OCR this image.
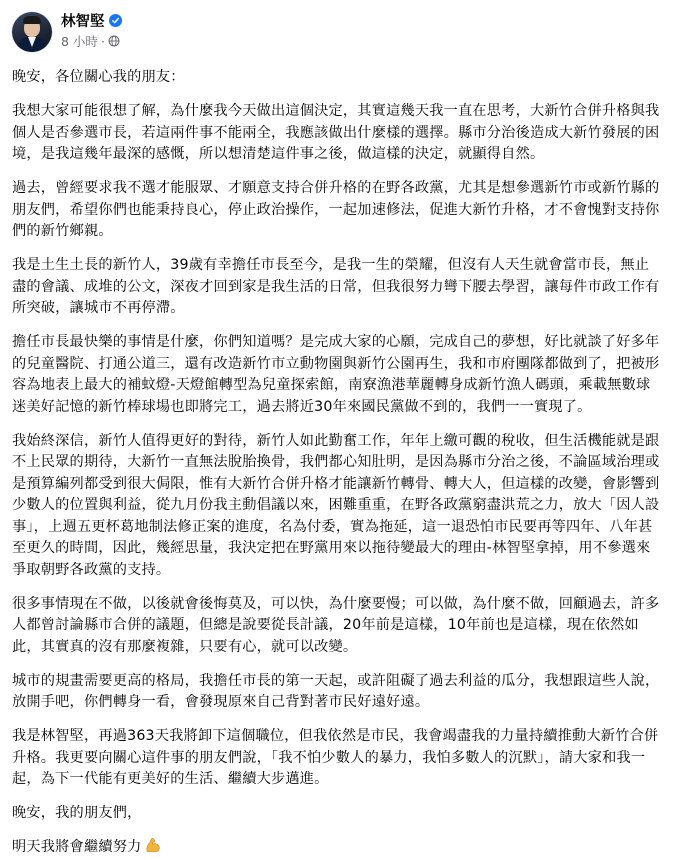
林智堅
8 小時 ·

晚安，各位關心我的朋友：

我想大家可能很想了解，為什麼我今天做出這個決定，其實這幾天我一直在思考，大新竹合併升格與我個人是否參選市長，若這兩件事不能兩全，我應該做出什麼樣的選擇。縣市分治後造成大新竹發展的困境，是我這幾年最深的感慨，所以想清楚這件事之後，做這樣的決定，就顯得自然。

過去，曾經要求我不選才能服眾、才願意支持合併升格的在野各政黨，尤其是想參選新竹市或新竹縣的朋友們，希望你們也能秉持良心，停止政治操作，一起加速修法，促進大新竹升格，才不會愧對支持你們的新竹鄉親。

我是土生土長的新竹人，39歲有幸擔任市長至今，是我一生的榮耀，但沒有人天生就會當市長，無止盡的會議、成堆的公文，深夜才回到家是我生活的日常，但我很努力彎下腰去學習，讓每件市政工作有所突破，讓城市不再停滯。

擔任市長最快樂的事情是什麼，你們知道嗎？是完成大家的心願，完成自己的夢想，好比就談了好多年的兒童醫院、打通公道三，還有改造新竹市立動物園與新竹公園再生，我和市府團隊都做到了，把被形容為地表上最大的補蚊燈-天燈館轉型為兒童探索館，南寮漁港華麗轉身成新竹漁人碼頭，乘載無數球迷美好記憶的新竹棒球場也即將完工，過去將近30年來國民黨做不到的，我們一一實現了。

我始終深信，新竹人值得更好的對待，新竹人如此勤奮工作，年年上繳可觀的稅收，但生活機能就是跟不上民眾的期待，大新竹一直無法脫胎換骨，我們都心知肚明，是因為縣市分治之後，不論區域治理或是預算編列都受到很大侷限，惟有大新竹合併升格才能讓新竹轉骨、轉大人，但這樣的改變，會影響到少數人的位置與利益，從九月份我主動倡議以來，困難重重，在野各政黨窮盡洪荒之力，放大「因人設事」，上週五更杯葛地制法修正案的進度，名為付委，實為拖延，這一退恐怕市民要再等四年、八年甚至更久的時間，因此，幾經思量，我決定把在野黨用來以拖待變最大的理由-林智堅拿掉，用不參選來爭取朝野各政黨的支持。

很多事情現在不做，以後就會後悔莫及，可以快，為什麼要慢；可以做，為什麼不做，回顧過去，許多人都曾討論縣市合併的議題，但總是說要從長計議，20年前是這樣，10年前也是這樣，現在依然如此，其實真的沒有那麼複雜，只要有心，就可以改變。

城市的規畫需要更高的格局，我擔任市長的第一天起，或許阻礙了過去利益的瓜分，我想跟這些人說，放開手吧，你們轉身一看，會發現原來自己背對著市民好遠好遠。

我是林智堅，再過363天我將卸下這個職位，但我依然是市民，我會竭盡我的力量持續推動大新竹合併升格。我更要向關心這件事的朋友們說，「我不怕少數人的暴力，我怕多數人的沉默」，請大家和我一起，為下一代能有更美好的生活、繼續大步邁進。

晚安，我的朋友們，

明天我將會繼續努力
